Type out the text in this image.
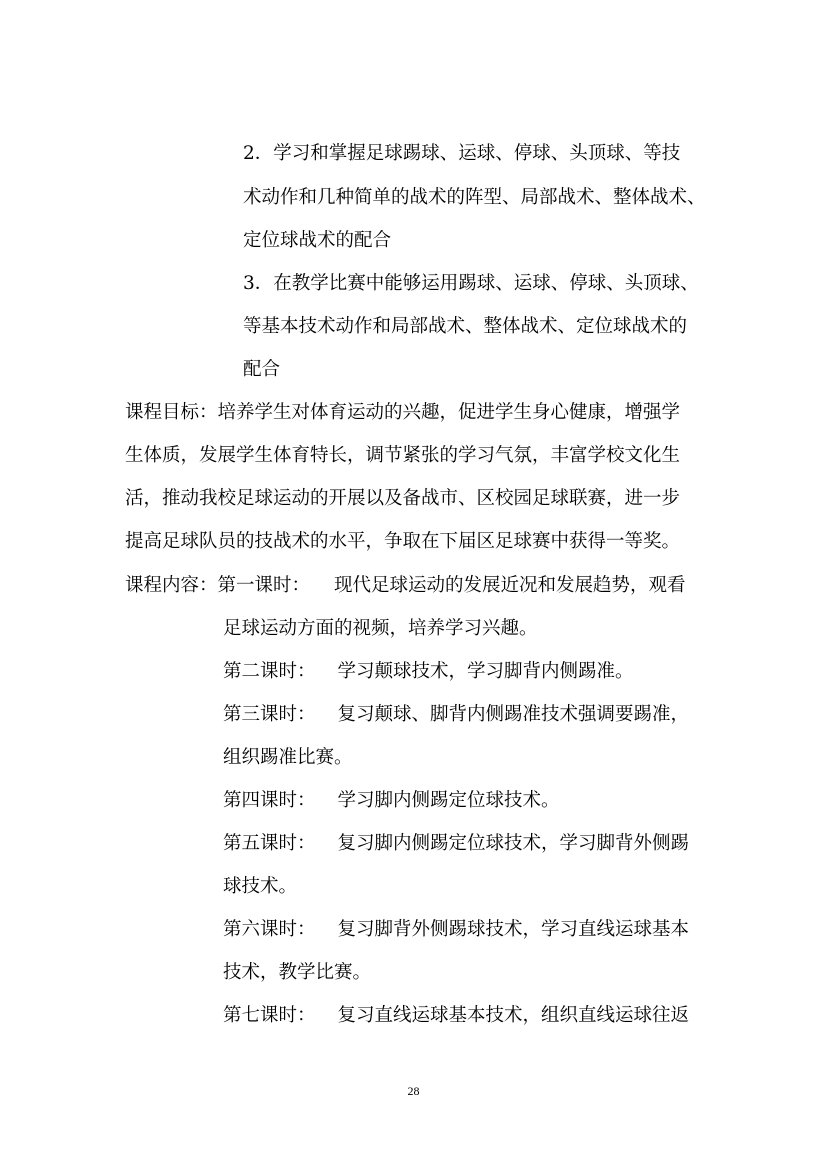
2．学习和掌握足球踢球、运球、停球、头顶球、等技
术动作和几种简单的战术的阵型、局部战术、整体战术、
定位球战术的配合
3．在教学比赛中能够运用踢球、运球、停球、头顶球、
等基本技术动作和局部战术、整体战术、定位球战术的
配合
课程目标：培养学生对体育运动的兴趣，促进学生身心健康，增强学
生体质，发展学生体育特长，调节紧张的学习气氛，丰富学校文化生
活，推动我校足球运动的开展以及备战市、区校园足球联赛，进一步
提高足球队员的技战术的水平，争取在下届区足球赛中获得一等奖。
课程内容：第一课时： 现代足球运动的发展近况和发展趋势，观看
足球运动方面的视频，培养学习兴趣。
第二课时： 学习颠球技术，学习脚背内侧踢准。
第三课时： 复习颠球、脚背内侧踢准技术强调要踢准，
组织踢准比赛。
第四课时： 学习脚内侧踢定位球技术。
第五课时： 复习脚内侧踢定位球技术，学习脚背外侧踢
球技术。
第六课时： 复习脚背外侧踢球技术，学习直线运球基本
技术，教学比赛。
第七课时： 复习直线运球基本技术，组织直线运球往返
28
